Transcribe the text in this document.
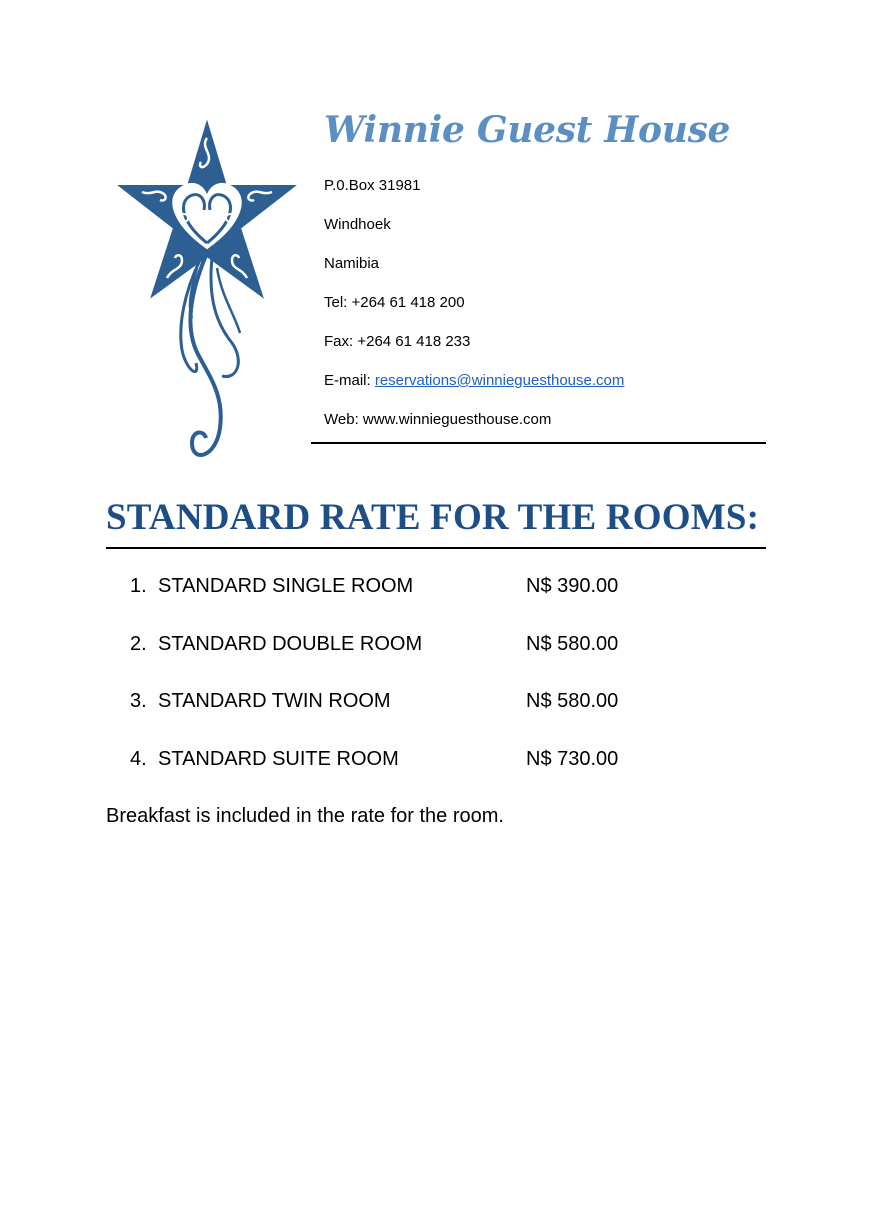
Winnie Guest House

P.0.Box 31981

Windhoek

Namibia

Tel: +264 61 418 200

Fax: +264 61 418 233

E-mail: reservations@winnieguesthouse.com

Web: www.winnieguesthouse.com

STANDARD RATE FOR THE ROOMS:
1. STANDARD SINGLE ROOM	N$ 390.00
2. STANDARD DOUBLE ROOM	N$ 580.00
3. STANDARD TWIN ROOM	N$ 580.00
4. STANDARD SUITE ROOM	N$ 730.00

Breakfast is included in the rate for the room.
